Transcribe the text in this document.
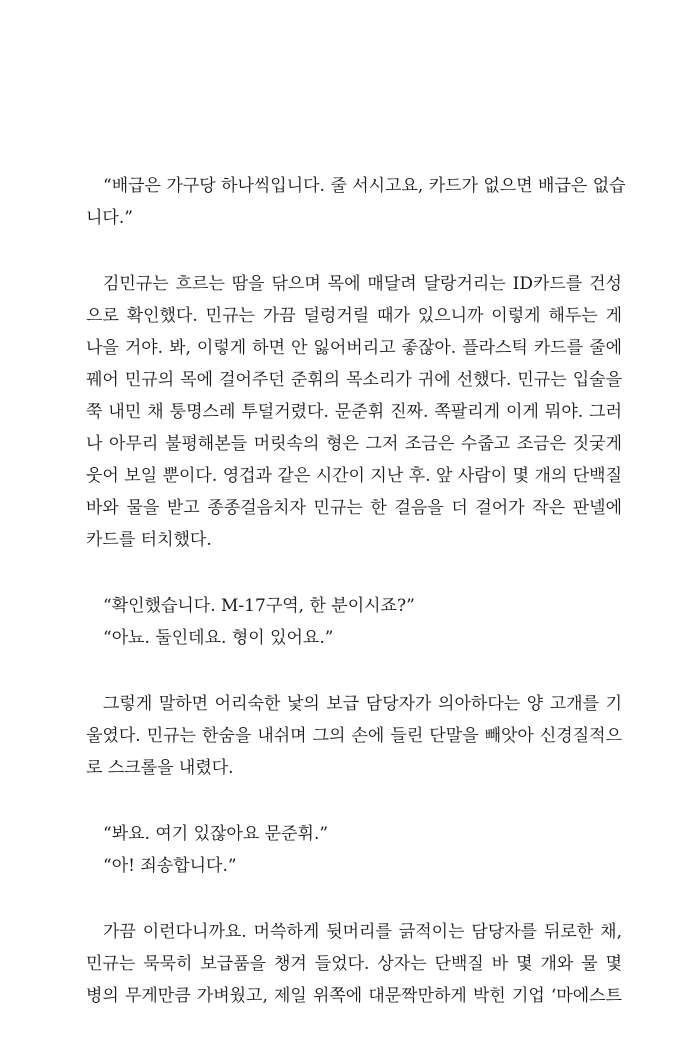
“배급은 가구당 하나씩입니다. 줄 서시고요, 카드가 없으면 배급은 없습
니다.”
김민규는 흐르는 땀을 닦으며 목에 매달려 달랑거리는 ID카드를 건성
으로 확인했다. 민규는 가끔 덜렁거릴 때가 있으니까 이렇게 해두는 게
나을 거야. 봐, 이렇게 하면 안 잃어버리고 좋잖아. 플라스틱 카드를 줄에
꿰어 민규의 목에 걸어주던 준휘의 목소리가 귀에 선했다. 민규는 입술을
쭉 내민 채 퉁명스레 투덜거렸다. 문준휘 진짜. 쪽팔리게 이게 뭐야. 그러
나 아무리 불평해본들 머릿속의 형은 그저 조금은 수줍고 조금은 짓궂게
웃어 보일 뿐이다. 영겁과 같은 시간이 지난 후. 앞 사람이 몇 개의 단백질
바와 물을 받고 종종걸음치자 민규는 한 걸음을 더 걸어가 작은 판넬에
카드를 터치했다.
“확인했습니다. M-17구역, 한 분이시죠?”
“아뇨. 둘인데요. 형이 있어요.”
그렇게 말하면 어리숙한 낯의 보급 담당자가 의아하다는 양 고개를 기
울였다. 민규는 한숨을 내쉬며 그의 손에 들린 단말을 빼앗아 신경질적으
로 스크롤을 내렸다.
“봐요. 여기 있잖아요 문준휘.”
“아! 죄송합니다.”
가끔 이런다니까요. 머쓱하게 뒷머리를 긁적이는 담당자를 뒤로한 채,
민규는 묵묵히 보급품을 챙겨 들었다. 상자는 단백질 바 몇 개와 물 몇
병의 무게만큼 가벼웠고, 제일 위쪽에 대문짝만하게 박힌 기업 ‘마에스트
